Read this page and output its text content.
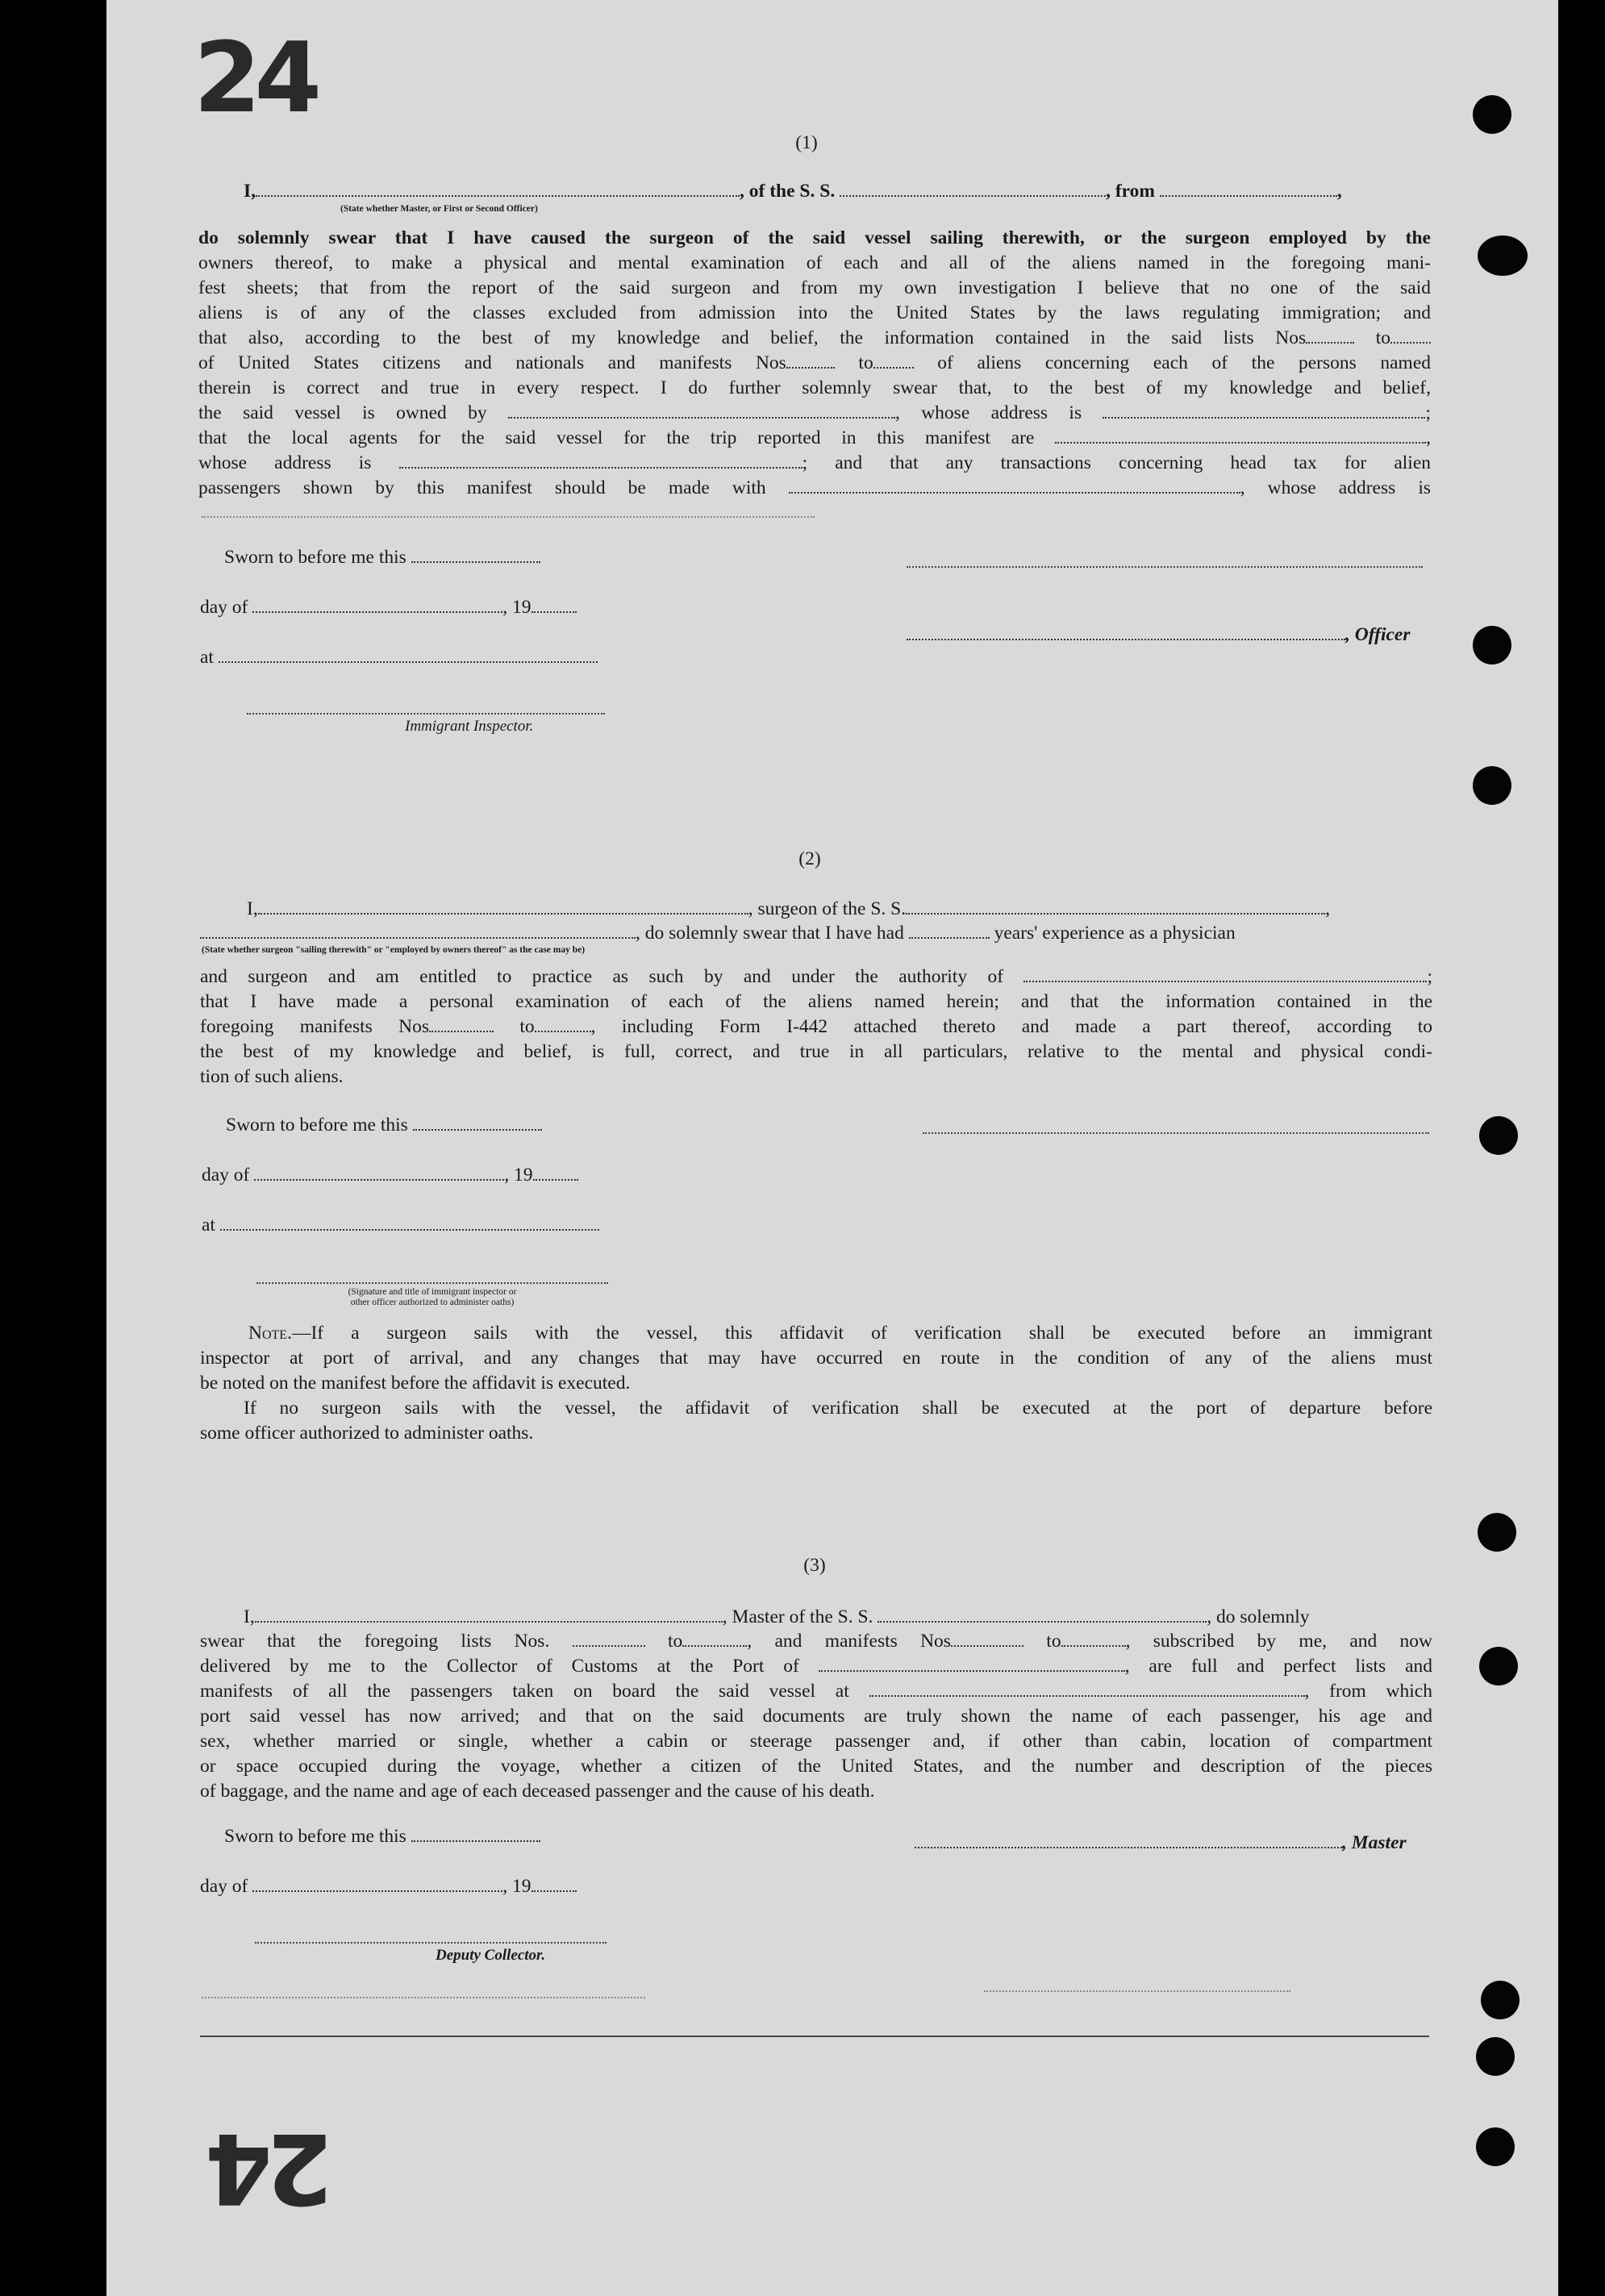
24
24
(1)
I,	, of the S. S.	, from	,
(State whether Master, or First or Second Officer)
do solemnly swear that I have caused the surgeon of the said vessel sailing therewith, or the surgeon employed by the
owners thereof, to make a physical and mental examination of each and all of the aliens named in the foregoing mani-
fest sheets; that from the report of the said surgeon and from my own investigation I believe that no one of the said
aliens is of any of the classes excluded from admission into the United States by the laws regulating immigration; and
that also, according to the best of my knowledge and belief, the information contained in the said lists Nos	to
of United States citizens and nationals and manifests Nos	to	of aliens concerning each of the persons named
therein is correct and true in every respect. I do further solemnly swear that, to the best of my knowledge and belief,
the said vessel is owned by	, whose address is	;
that the local agents for the said vessel for the trip reported in this manifest are	,
whose address is	; and that any transactions concerning head tax for alien
passengers shown by this manifest should be made with	, whose address is
Sworn to before me this
day of	, 19
, Officer
at
Immigrant Inspector.
(2)
I,	, surgeon of the S. S.	,
, do solemnly swear that I have had	years' experience as a physician
(State whether surgeon "sailing therewith" or "employed by owners thereof" as the case may be)
and surgeon and am entitled to practice as such by and under the authority of	;
that I have made a personal examination of each of the aliens named herein; and that the information contained in the
foregoing manifests Nos	to	, including Form I-442 attached thereto and made a part thereof, according to
the best of my knowledge and belief, is full, correct, and true in all particulars, relative to the mental and physical condi-
tion of such aliens.
Sworn to before me this
day of	, 19
at
(Signature and title of immigrant inspector or
other officer authorized to administer oaths)
Note.—If a surgeon sails with the vessel, this affidavit of verification shall be executed before an immigrant
inspector at port of arrival, and any changes that may have occurred en route in the condition of any of the aliens must
be noted on the manifest before the affidavit is executed.
If no surgeon sails with the vessel, the affidavit of verification shall be executed at the port of departure before
some officer authorized to administer oaths.
(3)
I,	, Master of the S. S.	, do solemnly
swear that the foregoing lists Nos.	to	, and manifests Nos	to	, subscribed by me, and now
delivered by me to the Collector of Customs at the Port of	, are full and perfect lists and
manifests of all the passengers taken on board the said vessel at	, from which
port said vessel has now arrived; and that on the said documents are truly shown the name of each passenger, his age and
sex, whether married or single, whether a cabin or steerage passenger and, if other than cabin, location of compartment
or space occupied during the voyage, whether a citizen of the United States, and the number and description of the pieces
of baggage, and the name and age of each deceased passenger and the cause of his death.
Sworn to before me this	, Master
day of	, 19
Deputy Collector.
